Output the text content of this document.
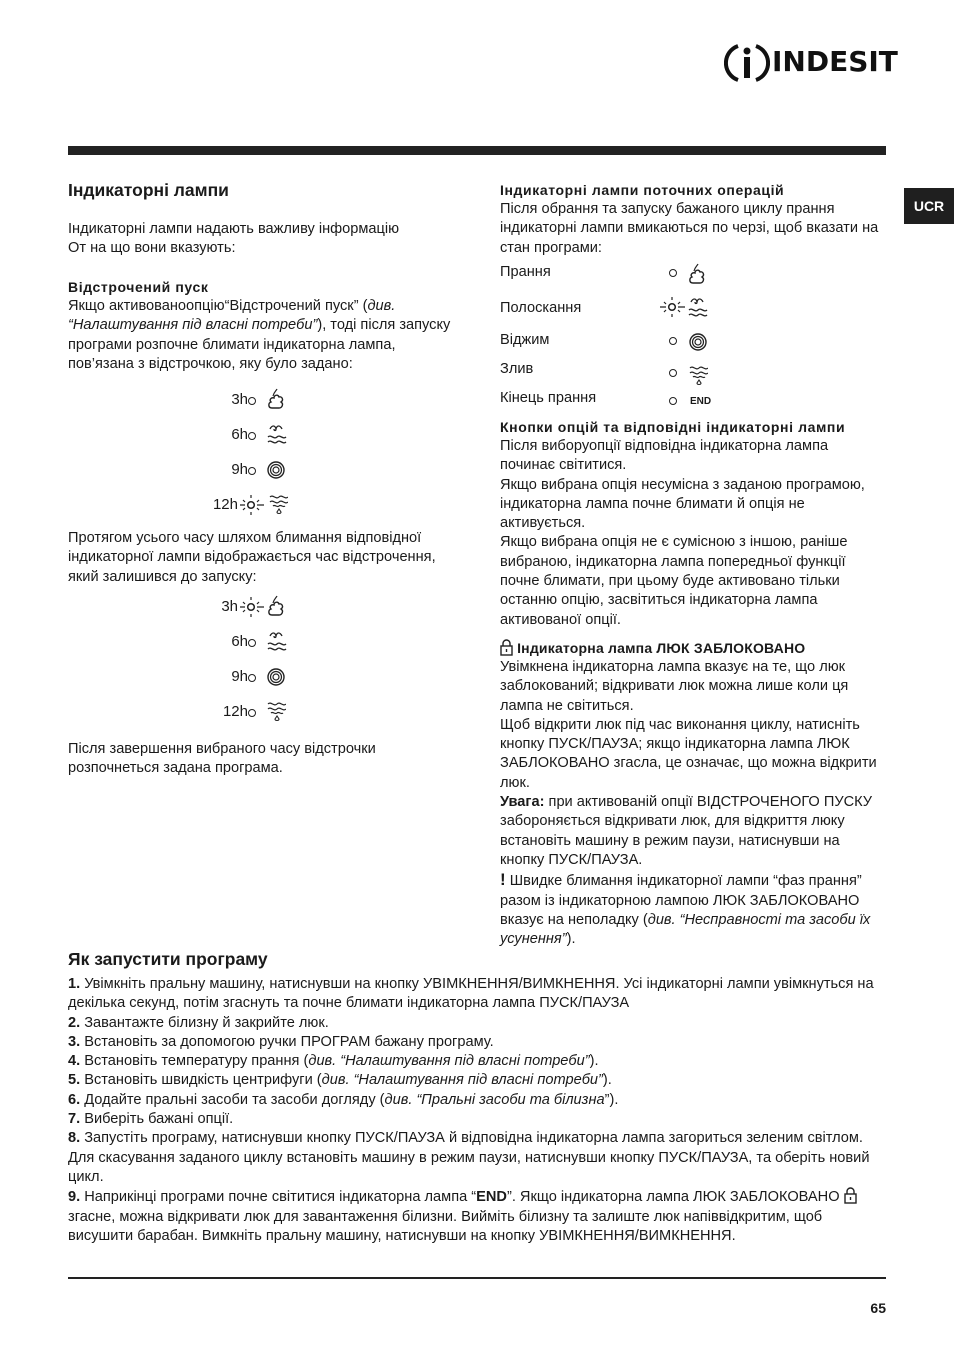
INDESIT
UCR
Індикаторні лампи

Індикаторні лампи надають важливу інформацію

От на що вони вказують:

Відстрочений пуск

Якщо активованоопцію“Відстрочений пуск” (див. “Налаштування під власні потреби”), тоді після запуску програми розпочне блимати індикаторна лампа, пов’язана з відстрочкою, яку було задано:

3h
6h
9h
12h

Протягом усього часу шляхом блимання відповідної індикаторної лампи відображається час відстрочення, який залишився до запуску:

3h
6h
9h
12h

Після завершення вибраного часу відстрочки розпочнеться задана програма.

Індикаторні лампи поточних операцій

Після обрання та запуску бажаного циклу прання індикаторні лампи вмикаються по черзі, щоб вказати на стан програми:

Прання
Полоскання
Віджим
Злив
Кінець прання	END
Кнопки опцій та відповідні індикаторні лампи

Після виборуопції відповідна індикаторна лампа починає світитися.

Якщо вибрана опція несумісна з заданою програмою, індикаторна лампа почне блимати й опція не активується.

Якщо вибрана опція не є сумісною з іншою, раніше вибраною, індикаторна лампа попередньої функції почне блимати, при цьому буде активовано тільки останню опцію, засвітиться індикаторна лампа активованої опції.

Індикаторна лампа ЛЮК ЗАБЛОКОВАНО

Увімкнена індикаторна лампа вказує на те, що люк заблокований; відкривати люк можна лише коли ця лампа не світиться.

Щоб відкрити люк під час виконання циклу, натисніть кнопку ПУСК/ПАУЗА; якщо індикаторна лампа ЛЮК ЗАБЛОКОВАНО згасла, це означає, що можна відкрити люк.

Увага: при активованій опції ВІДСТРОЧЕНОГО ПУСКУ забороняється відкривати люк, для відкриття люку встановіть машину в режим паузи, натиснувши на кнопку ПУСК/ПАУЗА.

! Швидке блимання індикаторної лампи “фаз прання” разом із індикаторною лампою ЛЮК ЗАБЛОКОВАНО вказує на неполадку (див. “Несправності та засоби їх усунення”).

Як запустити програму

1. Увімкніть пральну машину, натиснувши на кнопку УВІМКНЕННЯ/ВИМКНЕННЯ. Усі індикаторні лампи увімкнуться на декілька секунд, потім згаснуть та почне блимати індикаторна лампа ПУСК/ПАУЗА

2. Завантажте білизну й закрийте люк.

3. Встановіть за допомогою ручки ПРОГРАМ бажану програму.

4. Встановіть температуру прання (див. “Налаштування під власні потреби”).

5. Встановіть швидкість центрифуги (див. “Налаштування під власні потреби”).

6. Додайте пральні засоби та засоби догляду (див. “Пральні засоби та білизна”).

7. Виберіть бажані опції.

8. Запустіть програму, натиснувши кнопку ПУСК/ПАУЗА й відповідна індикаторна лампа загориться зеленим світлом. Для скасування заданого циклу встановіть машину в режим паузи, натиснувши кнопку ПУСК/ПАУЗА, та оберіть новий цикл.

9. Наприкінці програми почне світитися індикаторна лампа “END”. Якщо індикаторна лампа ЛЮК ЗАБЛОКОВАНО  згасне, можна відкривати люк для завантаження білизни. Вийміть білизну та залиште люк напіввідкритим, щоб висушити барабан. Вимкніть пральну машину, натиснувши на кнопку УВІМКНЕННЯ/ВИМКНЕННЯ.

65
